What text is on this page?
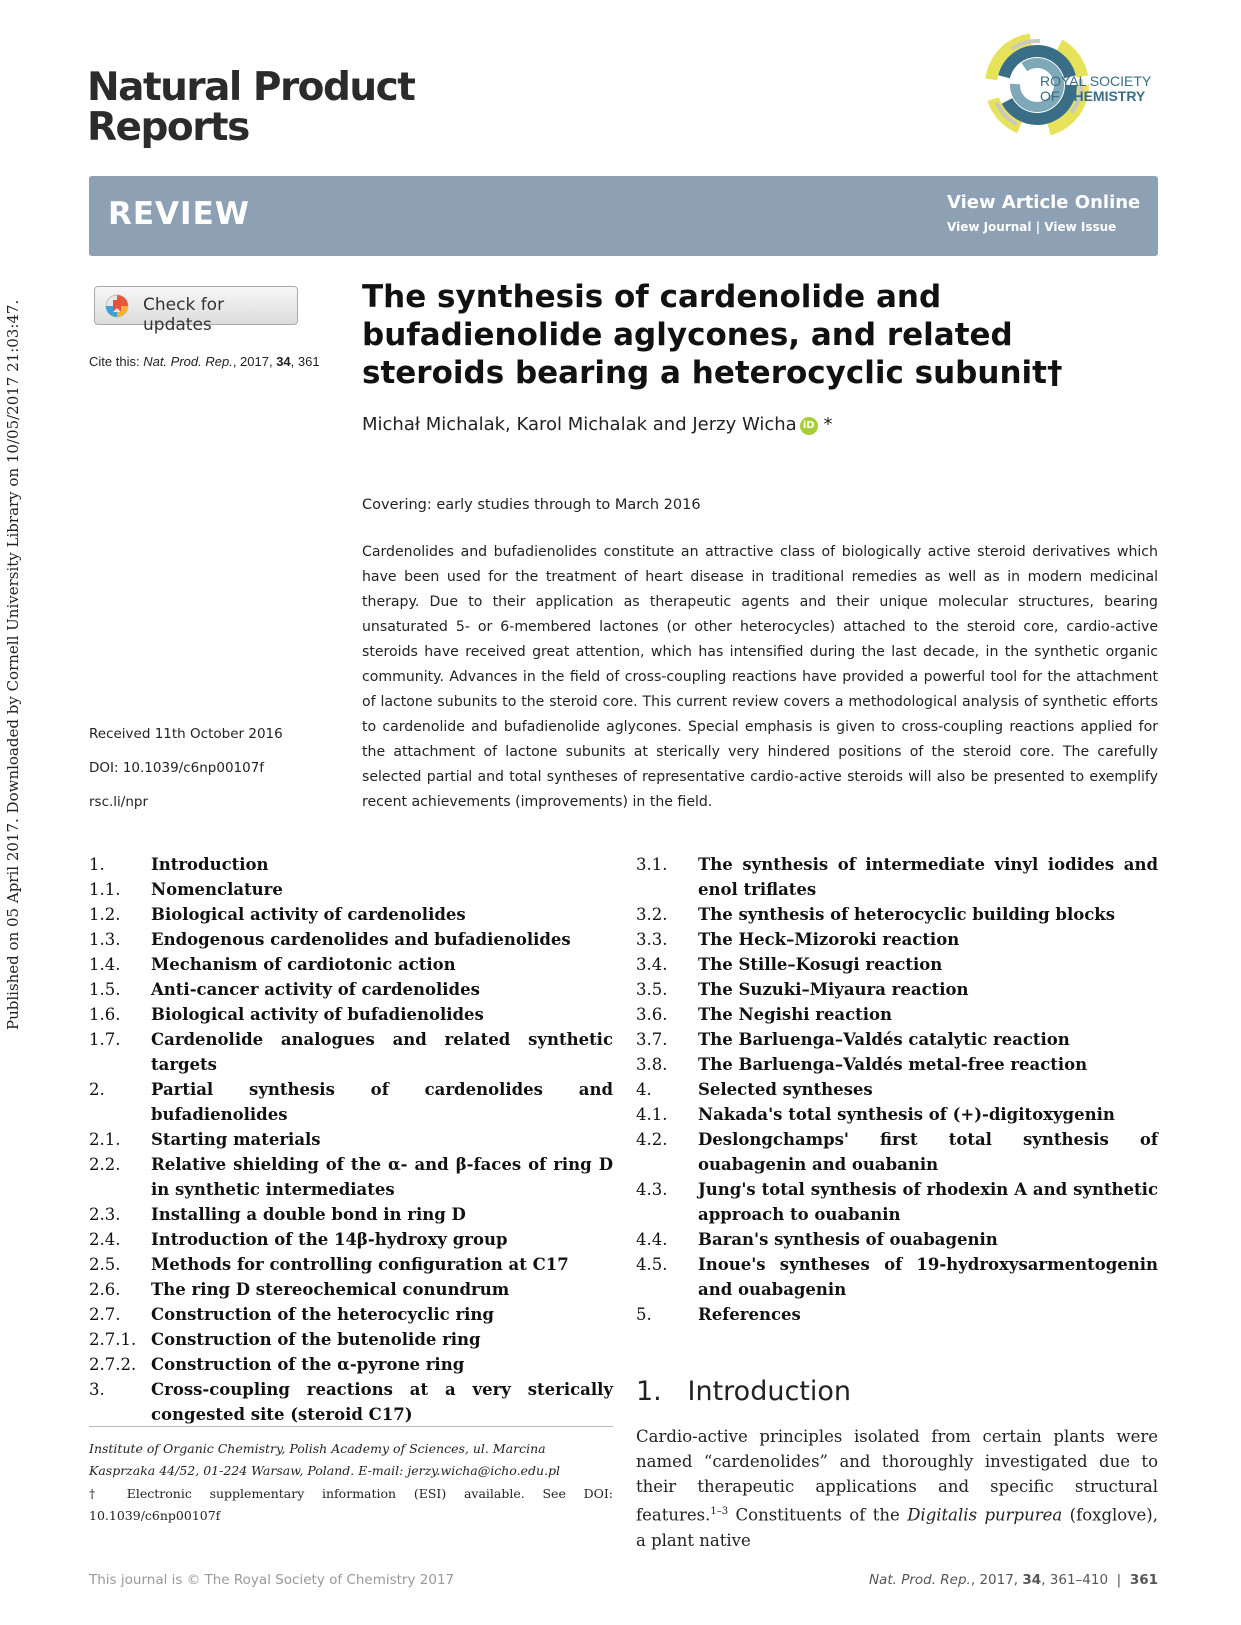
Natural Product
Reports
ROYAL SOCIETY
OF CHEMISTRY
REVIEW	View Article Online
View Journal | View Issue
Check for updates
Cite this: Nat. Prod. Rep., 2017, 34, 361
Published on 05 April 2017. Downloaded by Cornell University Library on 10/05/2017 21:03:47.	Received 11th October 2016
DOI: 10.1039/c6np00107f
rsc.li/npr
The synthesis of cardenolide and bufadienolide aglycones, and related steroids bearing a heterocyclic subunit†
Michał Michalak, Karol Michalak and Jerzy Wicha iD *
Covering: early studies through to March 2016
Cardenolides and bufadienolides constitute an attractive class of biologically active steroid derivatives which have been used for the treatment of heart disease in traditional remedies as well as in modern medicinal therapy. Due to their application as therapeutic agents and their unique molecular structures, bearing unsaturated 5- or 6-membered lactones (or other heterocycles) attached to the steroid core, cardio-active steroids have received great attention, which has intensified during the last decade, in the synthetic organic community. Advances in the field of cross-coupling reactions have provided a powerful tool for the attachment of lactone subunits to the steroid core. This current review covers a methodological analysis of synthetic efforts to cardenolide and bufadienolide aglycones. Special emphasis is given to cross-coupling reactions applied for the attachment of lactone subunits at sterically very hindered positions of the steroid core. The carefully selected partial and total syntheses of representative cardio-active steroids will also be presented to exemplify recent achievements (improvements) in the field.
1.	Introduction
1.1.	Nomenclature
1.2.	Biological activity of cardenolides
1.3.	Endogenous cardenolides and bufadienolides
1.4.	Mechanism of cardiotonic action
1.5.	Anti-cancer activity of cardenolides
1.6.	Biological activity of bufadienolides
1.7.	Cardenolide analogues and related synthetic targets
2.	Partial synthesis of cardenolides and bufadienolides
2.1.	Starting materials
2.2.	Relative shielding of the α- and β-faces of ring D in synthetic intermediates
2.3.	Installing a double bond in ring D
2.4.	Introduction of the 14β-hydroxy group
2.5.	Methods for controlling configuration at C17
2.6.	The ring D stereochemical conundrum
2.7.	Construction of the heterocyclic ring
2.7.1. Construction of the butenolide ring
2.7.2. Construction of the α-pyrone ring
3.	Cross-coupling reactions at a very sterically congested site (steroid C17)
3.1.	The synthesis of intermediate vinyl iodides and enol triflates
3.2.	The synthesis of heterocyclic building blocks
3.3.	The Heck–Mizoroki reaction
3.4.	The Stille–Kosugi reaction
3.5.	The Suzuki–Miyaura reaction
3.6.	The Negishi reaction
3.7.	The Barluenga–Valdés catalytic reaction
3.8.	The Barluenga–Valdés metal-free reaction
4.	Selected syntheses
4.1.	Nakada's total synthesis of (+)-digitoxygenin
4.2.	Deslongchamps' first total synthesis of ouabagenin and ouabanin
4.3.	Jung's total synthesis of rhodexin A and synthetic approach to ouabanin
4.4.	Baran's synthesis of ouabagenin
4.5.	Inoue's syntheses of 19-hydroxysarmentogenin and ouabagenin
5.	References
Institute of Organic Chemistry, Polish Academy of Sciences, ul. Marcina Kasprzaka 44/52, 01-224 Warsaw, Poland. E-mail: jerzy.wicha@icho.edu.pl
† Electronic supplementary information (ESI) available. See DOI: 10.1039/c6np00107f
1. Introduction
Cardio-active principles isolated from certain plants were named “cardenolides” and thoroughly investigated due to their therapeutic applications and specific structural features.$^{1-3}$ Constituents of the Digitalis purpurea (foxglove), a plant native
This journal is © The Royal Society of Chemistry 2017	Nat. Prod. Rep., 2017, 34, 361–410 | 361
